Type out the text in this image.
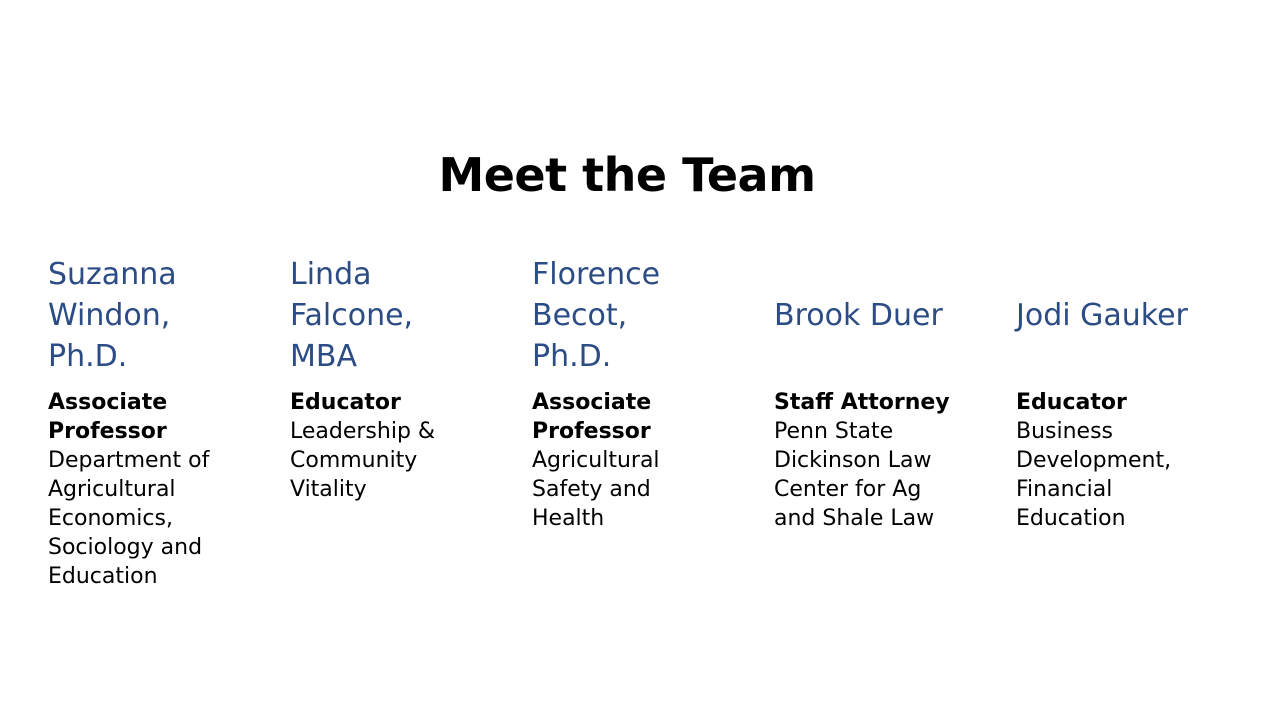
Meet the Team
Suzanna
Windon,
Ph.D.
Associate
Professor
Department of
Agricultural
Economics,
Sociology and
Education
Linda
Falcone,
MBA
Educator
Leadership &
Community
Vitality
Florence
Becot,
Ph.D.
Associate
Professor
Agricultural
Safety and
Health
Brook Duer
Staff Attorney
Penn State
Dickinson Law
Center for Ag
and Shale Law
Jodi Gauker
Educator
Business
Development,
Financial
Education
